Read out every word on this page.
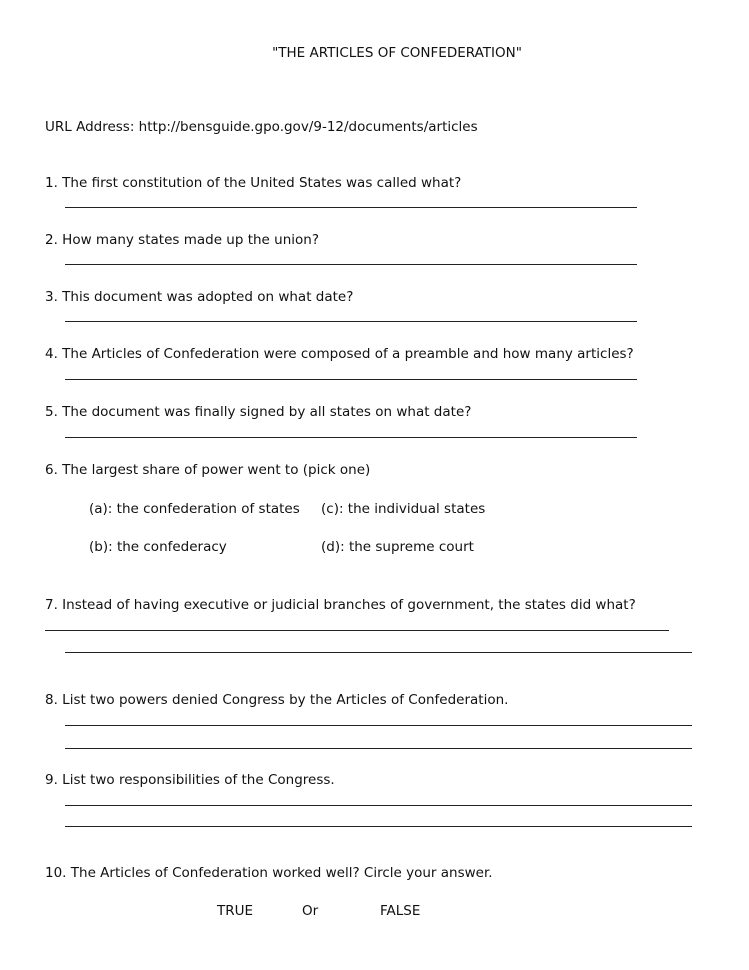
"THE ARTICLES OF CONFEDERATION"
URL Address: http://bensguide.gpo.gov/9-12/documents/articles
1. The first constitution of the United States was called what?
2. How many states made up the union?
3. This document was adopted on what date?
4. The Articles of Confederation were composed of a preamble and how many articles?
5. The document was finally signed by all states on what date?
6. The largest share of power went to (pick one)
(a): the confederation of states (c): the individual states
(b): the confederacy	(d): the supreme court
7. Instead of having executive or judicial branches of government, the states did what?
8. List two powers denied Congress by the Articles of Confederation.
9. List two responsibilities of the Congress.
10. The Articles of Confederation worked well? Circle your answer.
TRUE	Or	FALSE
